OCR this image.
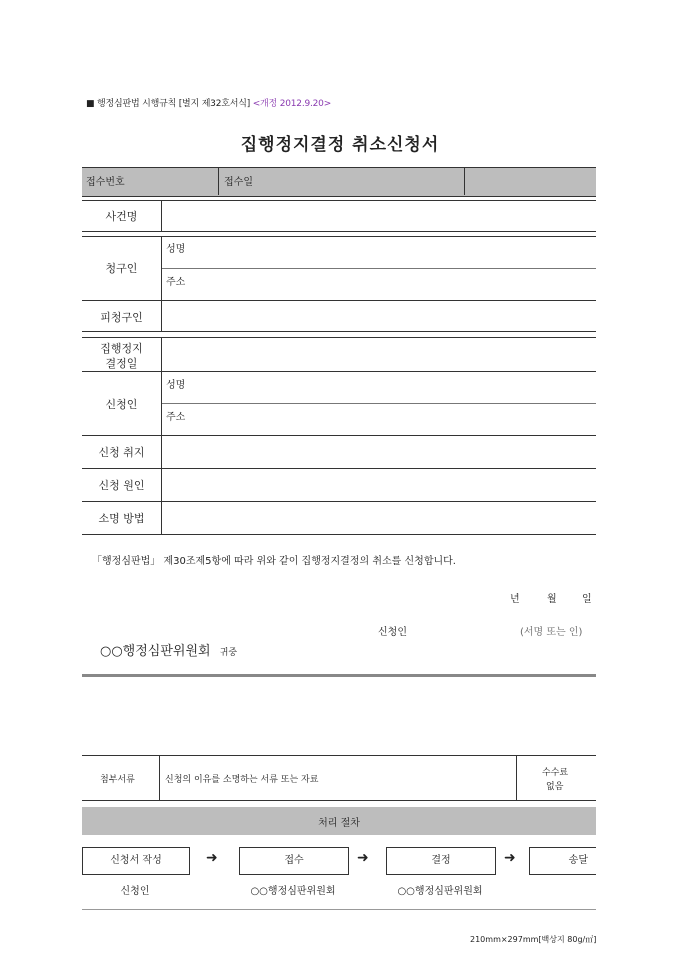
■ 행정심판법 시행규칙 [별지 제32호서식] <개정 2012.9.20>
집행정지결정 취소신청서
접수번호	접수일
사건명
청구인
성명
주소
피청구인
집행정지
결정일
신청인
성명
주소
신청 취지
신청 원인
소명 방법
「행정심판법」 제30조제5항에 따라 위와 같이 집행정지결정의 취소를 신청합니다.
년	월	일
신청인	(서명 또는 인)
○○행정심판위원회 귀중
첨부서류	신청의 이유를 소명하는 서류 또는 자료
수수료
없음
처리 절차
신청서 작성	➜	접수	➜	결정	➜	송달
신청인	○○행정심판위원회	○○행정심판위원회
210mm×297mm[백상지 80g/㎡]
